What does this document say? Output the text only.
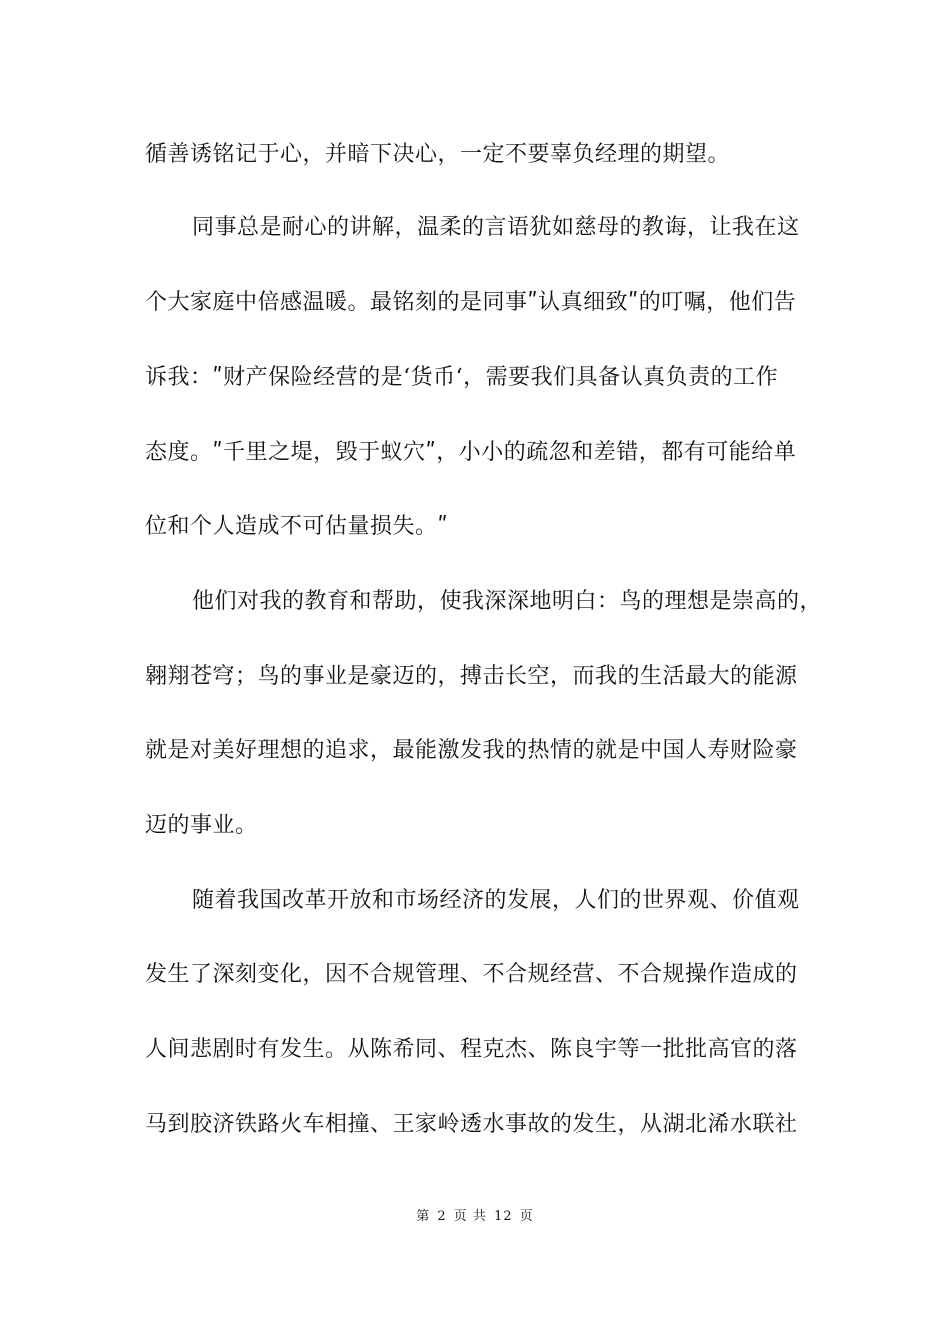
循善诱铭记于心，并暗下决心，一定不要辜负经理的期望。
同事总是耐心的讲解，温柔的言语犹如慈母的教诲，让我在这
个大家庭中倍感温暖。最铭刻的是同事ʺ认真细致ʺ的叮嘱，他们告
诉我：ʺ财产保险经营的是‘货币‘，需要我们具备认真负责的工作
态度。ʺ千里之堤，毁于蚁穴ʺ，小小的疏忽和差错，都有可能给单
位和个人造成不可估量损失。ʺ
他们对我的教育和帮助，使我深深地明白：鸟的理想是崇高的，
翱翔苍穹；鸟的事业是豪迈的，搏击长空，而我的生活最大的能源
就是对美好理想的追求，最能激发我的热情的就是中国人寿财险豪
迈的事业。
随着我国改革开放和市场经济的发展，人们的世界观、价值观
发生了深刻变化，因不合规管理、不合规经营、不合规操作造成的
人间悲剧时有发生。从陈希同、程克杰、陈良宇等一批批高官的落
马到胶济铁路火车相撞、王家岭透水事故的发生，从湖北浠水联社
第 2 页 共 12 页
